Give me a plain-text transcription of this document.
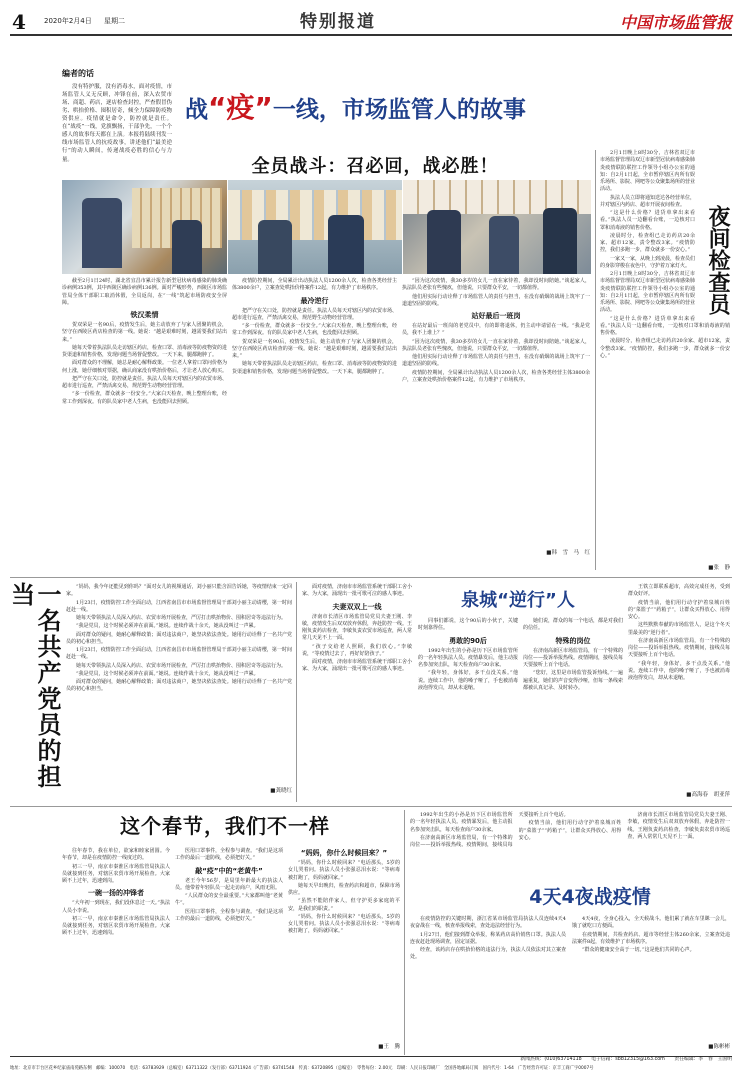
4	2020年2月4日 星期二	特别报道	中国市场监管报
编者的话

没有特护服，没有消毒水，面对疫情，市场监管人义无反顾，冲锋在前，深入农贸市场、商超、药店，逐店检查封控，严查假冒伪劣、哄抬价格、囤积居奇，倾全力保障防疫物资供应。疫情就是命令，防控就是责任。在“战疫”一线，党旗飘扬，干部争先，一个个感人的故事每天都在上演。本报将陆续刊发一线市场监管人的抗疫故事，讲述他们“最美逆行”的动人瞬间，传递战疫必胜的信心与力量。

战“疫”一线，市场监管人的故事
全员战斗：召必回，战必胜！

截至2月1日24时，湖北省宜昌市累计报告新型冠状病毒感染的肺炎确诊病例353例，其中西陵区确诊病例136例。面对严峻形势，西陵区市场监管局全体干部职工取消休假，全员返岗，在“一线”筑起市场防疫安全屏障。

铁汉柔情

贺双荣是一名90后，疫情发生后，她主动放弃了与家人团聚的机会，坚守在西陵区药店检查的第一线。她说：“越是艰难时刻，越需要我们站出来。”

她每天带着执法队员走访辖区药店，检查口罩、消毒液等防疫物资的进货渠道和销售价格，发现问题当场督促整改。一天下来，腿都跑肿了。

面对群众的不理解，她总是耐心解释政策。一位老人拿着口罩问价格为何上涨，她仔细核对票据，确认商家没有哄抬价格后，才让老人放心购买。

把严守在关口处，防控就是责任。执法人员每天对辖区内的农贸市场、超市进行巡查，严禁活禽交易，规范野生动物经营管理。

“多一份检查，群众就多一份安全。”大家白天检查，晚上整理台账，经常工作到深夜。有的队员家中老人生病，也没能回去照顾。

疫情防控期间，全局累计出动执法人员1200余人次，检查各类经营主体3800余户，立案查处哄抬价格案件12起，有力维护了市场秩序。

最冷逆行

把严守在关口处，防控就是责任。执法人员每天对辖区内的农贸市场、超市进行巡查，严禁活禽交易，规范野生动物经营管理。

“多一份检查，群众就多一份安全。”大家白天检查，晚上整理台账，经常工作到深夜。有的队员家中老人生病，也没能回去照顾。

贺双荣是一名90后，疫情发生后，她主动放弃了与家人团聚的机会，坚守在西陵区药店检查的第一线。她说：“越是艰难时刻，越需要我们站出来。”

她每天带着执法队员走访辖区药店，检查口罩、消毒液等防疫物资的进货渠道和销售价格，发现问题当场督促整改。一天下来，腿都跑肿了。

“因为这次疫情，我30多岁的女儿一直在家待着，我却没时间陪她。”谈起家人，执法队员老张有些愧疚，但他说，只要群众平安，一切都值得。

他们用实际行动诠释了市场监管人的责任与担当，在没有硝烟的战场上筑牢了一道道坚固的防线。

站好最后一班岗

在站好最后一班岗的老党员中，有的即将退休，仍主动申请留在一线。“我是党员，我不上谁上？”

“因为这次疫情，我30多岁的女儿一直在家待着，我却没时间陪她。”谈起家人，执法队员老张有些愧疚，但他说，只要群众平安，一切都值得。

他们用实际行动诠释了市场监管人的责任与担当，在没有硝烟的战场上筑牢了一道道坚固的防线。

疫情防控期间，全局累计出动执法人员1200余人次，检查各类经营主体3800余户，立案查处哄抬价格案件12起，有力维护了市场秩序。

■韩　雪　马　红
夜间检查员

2月1日晚上8时30分，吉林省双辽市市场监督管理局双辽市新型冠状病毒感染肺炎疫情联防联控工作领导小组办公室的通知：自2月1日起，全市暂停辖区内所有娱乐场所、影院、网吧等公众聚集场所的营业活动。

执法人员立即将通知送达各经营单位，并对辖区内药店、超市开展夜间检查。

“这是什么价格？进货单拿出来看看。”执法人员一边翻看台账，一边核对口罩和消毒液的销售价格。

凌晨时分，检查组已走访药店20余家、超市12家，责令整改3家。“疫情防控，我们多跑一步，群众就多一份安心。”

一家又一家，从晚上到凌晨，检查员们的身影穿梭在夜色中，守护着万家灯火。

2月1日晚上8时30分，吉林省双辽市市场监督管理局双辽市新型冠状病毒感染肺炎疫情联防联控工作领导小组办公室的通知：自2月1日起，全市暂停辖区内所有娱乐场所、影院、网吧等公众聚集场所的营业活动。

“这是什么价格？进货单拿出来看看。”执法人员一边翻看台账，一边核对口罩和消毒液的销售价格。

凌晨时分，检查组已走访药店20余家、超市12家，责令整改3家。“疫情防控，我们多跑一步，群众就多一份安心。”

■张　静
一名共产党员的担当	“妈妈，我今年还能见到你吗？”面对女儿的视频通话，刘小丽只能含泪告诉她，等疫情结束一定回家。

1月23日，疫情防控工作全面启动，江西省南昌市市场监督管理局干部刘小丽主动请缨，第一时间赶赴一线。

她每天带领执法人员深入药店、农贸市场开展检查，严厉打击哄抬物价、囤积居奇等违法行为。

“我是党员，这个时候必须冲在前面。”她说。连续作战十余天，她从没叫过一声累。

面对群众的疑问，她耐心解释政策；面对违法商户，她坚决依法查处。她用行动诠释了一名共产党员的初心和担当。

1月23日，疫情防控工作全面启动，江西省南昌市市场监督管理局干部刘小丽主动请缨，第一时间赶赴一线。

她每天带领执法人员深入药店、农贸市场开展检查，严厉打击哄抬物价、囤积居奇等违法行为。

“我是党员，这个时候必须冲在前面。”她说。连续作战十余天，她从没叫过一声累。

面对群众的疑问，她耐心解释政策；面对违法商户，她坚决依法查处。她用行动诠释了一名共产党员的初心和担当。

■龚晓红

面对疫情，济南市市场监管系统干部职工舍小家、为大家，涌现出一批可歌可泣的感人事迹。

夫妻双双上一线

济南市长清区市场监管局党员夫妻王刚、李敏，疫情发生后双双放弃休假，奔赴防控一线。王刚负责药店检查，李敏负责农贸市场巡查，两人常常几天见不上一面。

“孩子交给老人照顾，我们放心。”李敏说，“等疫情过去了，再好好陪孩子。”

面对疫情，济南市市场监管系统干部职工舍小家、为大家，涌现出一批可歌可泣的感人事迹。

泉城“逆行”人

同事们都说，这个90后的小伙子，关键时刻靠得住。

勇敢的90后

1992年出生的小孙是历下区市场监管所的一名年轻执法人员。疫情暴发后，他主动报名参加突击队，每天检查商户30余家。

“我年轻，身体好，多干点没关系。”他说。连续工作中，他的嗓子哑了，手也被消毒液泡得发白，却从未退缩。

她们说，群众的每一个电话，都是对我们的信任。

特殊的岗位

在济南高新区市场监管局，有一个特殊的岗位——投诉举报热线。疫情期间，接线员每天要接听上百个电话。

“您好，这里是市场监管投诉热线。”一遍遍重复，她们的声音变得沙哑，但每一条线索都被认真记录、及时转办。

王铁立即联系超市，高效完成任务，受到群众好评。

疫情当前，他们用行动守护着泉城百姓的“菜篮子”“药箱子”，让群众买得放心、用得安心。

这些默默奉献的市场监管人，是这个冬天里最美的“逆行者”。

在济南高新区市场监管局，有一个特殊的岗位——投诉举报热线。疫情期间，接线员每天要接听上百个电话。

“我年轻，身体好，多干点没关系。”他说。连续工作中，他的嗓子哑了，手也被消毒液泡得发白，却从未退缩。

■高海春　胡亚萍
这个春节，我们不一样

往年春节，我在单位，欲家和睦家团圆。今年春节，却是在疫情防控一线度过的。

初三一早，南京市秦淮区市场监管局执法人员就接到任务，对辖区农贸市场开展检查。大家顾不上过年，迅速到岗。

一碗一扬的冲锋者

“大年初一到现在，我们没休息过一天。”执法人员小李说。

初三一早，南京市秦淮区市场监管局执法人员就接到任务，对辖区农贸市场开展检查。大家顾不上过年，迅速到岗。

医用口罩事件，全程参与调查。“我们是这项工作的最后一道防线，必须把好关。”

敲“疫”中的“老黄牛”

老王今年56岁，是局里年龄最大的执法人员。他带着年轻队员一起走访商户，风雨无阻。

“人民群众的安全最重要。”大家都叫他“老黄牛”。

医用口罩事件，全程参与调查。“我们是这项工作的最后一道防线，必须把好关。”

“妈妈，你什么时候回来？”

“妈妈，你什么时候回来？”电话那头，5岁的女儿哭着问。执法人员小张强忍泪水说：“等病毒被打跑了，妈妈就回家。”

她每天早出晚归，检查药店和超市，保障市场供应。

“虽然不能陪伴家人，但守护更多家庭的平安，是我们的职责。”

“妈妈，你什么时候回来？”电话那头，5岁的女儿哭着问。执法人员小张强忍泪水说：“等病毒被打跑了，妈妈就回家。”

■王　腾

1992年出生的小孙是历下区市场监管所的一名年轻执法人员。疫情暴发后，他主动报名参加突击队，每天检查商户30余家。

在济南高新区市场监管局，有一个特殊的岗位——投诉举报热线。疫情期间，接线员每天要接听上百个电话。

疫情当前，他们用行动守护着泉城百姓的“菜篮子”“药箱子”，让群众买得放心、用得安心。

济南市长清区市场监管局党员夫妻王刚、李敏，疫情发生后双双放弃休假，奔赴防控一线。王刚负责药店检查，李敏负责农贸市场巡查，两人常常几天见不上一面。

4天4夜战疫情

在疫情防控的关键时期，浙江省某市场监管局执法人员连续4天4夜奋战在一线，核查举报线索，查处违法经营行为。

1月27日，他们接到群众举报，称某药店高价销售口罩。执法人员连夜赶赴现场调查，固定证据。

经查，该药店存在哄抬价格的违法行为，执法人员依法对其立案查处。

4天4夜，全身心投入，全天候战斗。他们累了就在车里眯一会儿，饿了就吃口方便面。

在疫情期间，共检查药店、超市等经营主体260余家，立案查处违法案件8起，有效维护了市场秩序。

“群众的健康安全高于一切。”这是他们共同的心声。

■陈彬彬
新闻热线：(010)63714118　　电子信箱：sbb12315@163.com　　责任编辑：李　春　王国明
地址：北京市丰台区花乡纪家庙南苑路东侧　邮编：100070　电话：63783929（总编室）63711322（发行部）63711924（广告部）63741548　传真：63720895（总编室）　零售每份：2.00元　印刷：人民日报印刷厂　全国各地邮局订阅　国内代号：1-64　广告经营许可证：京丰工商广字0007号
